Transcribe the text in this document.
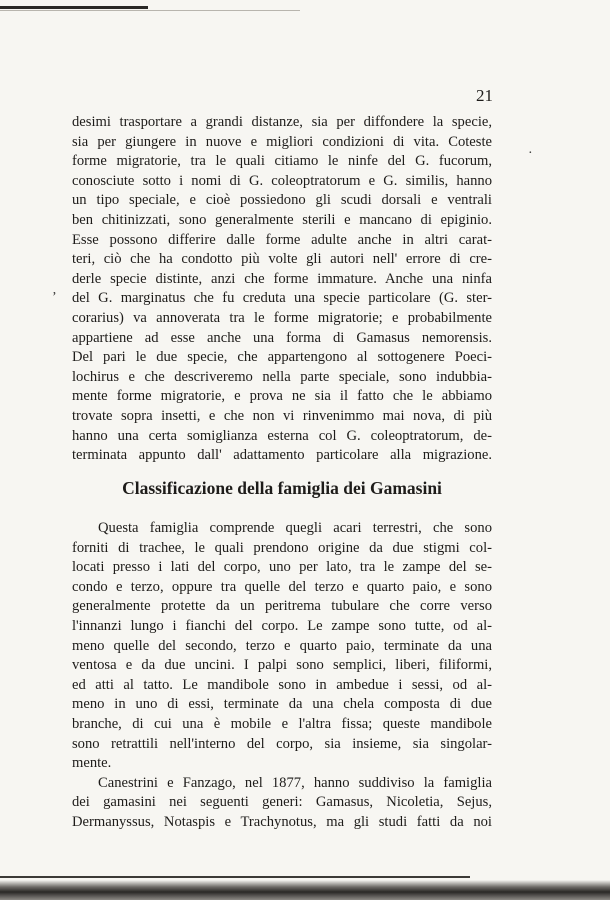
21
desimi trasportare a grandi distanze, sia per diffondere la specie,
sia per giungere in nuove e migliori condizioni di vita. Coteste
forme migratorie, tra le quali citiamo le ninfe del G. fucorum,
conosciute sotto i nomi di G. coleoptratorum e G. similis, hanno
un tipo speciale, e cioè possiedono gli scudi dorsali e ventrali
ben chitinizzati, sono generalmente sterili e mancano di epiginio.
Esse possono differire dalle forme adulte anche in altri carat-
teri, ciò che ha condotto più volte gli autori nell' errore di cre-
derle specie distinte, anzi che forme immature. Anche una ninfa
del G. marginatus che fu creduta una specie particolare (G. ster-
corarius) va annoverata tra le forme migratorie; e probabilmente
appartiene ad esse anche una forma di Gamasus nemorensis.
Del pari le due specie, che appartengono al sottogenere Poeci-
lochirus e che descriveremo nella parte speciale, sono indubbia-
mente forme migratorie, e prova ne sia il fatto che le abbiamo
trovate sopra insetti, e che non vi rinvenimmo mai nova, di più
hanno una certa somiglianza esterna col G. coleoptratorum, de-
terminata appunto dall' adattamento particolare alla migrazione.
ʼ
·
Classificazione della famiglia dei Gamasini
Questa famiglia comprende quegli acari terrestri, che sono
forniti di trachee, le quali prendono origine da due stigmi col-
locati presso i lati del corpo, uno per lato, tra le zampe del se-
condo e terzo, oppure tra quelle del terzo e quarto paio, e sono
generalmente protette da un peritrema tubulare che corre verso
l'innanzi lungo i fianchi del corpo. Le zampe sono tutte, od al-
meno quelle del secondo, terzo e quarto paio, terminate da una
ventosa e da due uncini. I palpi sono semplici, liberi, filiformi,
ed atti al tatto. Le mandibole sono in ambedue i sessi, od al-
meno in uno di essi, terminate da una chela composta di due
branche, di cui una è mobile e l'altra fissa; queste mandibole
sono retrattili nell'interno del corpo, sia insieme, sia singolar-
mente.
Canestrini e Fanzago, nel 1877, hanno suddiviso la famiglia
dei gamasini nei seguenti generi: Gamasus, Nicoletia, Sejus,
Dermanyssus, Notaspis e Trachynotus, ma gli studi fatti da noi
